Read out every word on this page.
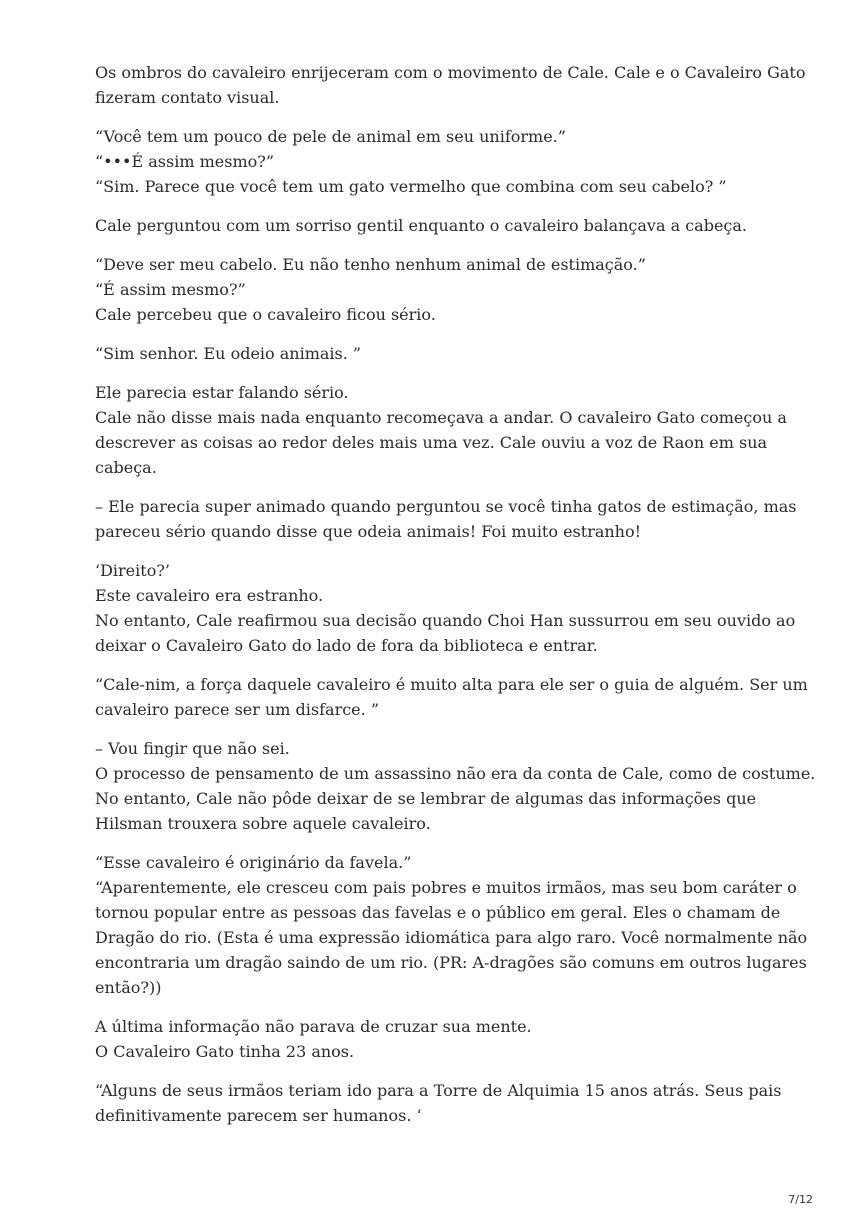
Os ombros do cavaleiro enrijeceram com o movimento de Cale. Cale e o Cavaleiro Gato
fizeram contato visual.

“Você tem um pouco de pele de animal em seu uniforme.”
“•••É assim mesmo?”
“Sim. Parece que você tem um gato vermelho que combina com seu cabelo? ”

Cale perguntou com um sorriso gentil enquanto o cavaleiro balançava a cabeça.

“Deve ser meu cabelo. Eu não tenho nenhum animal de estimação.”
“É assim mesmo?”
Cale percebeu que o cavaleiro ficou sério.

“Sim senhor. Eu odeio animais. ”

Ele parecia estar falando sério.
Cale não disse mais nada enquanto recomeçava a andar. O cavaleiro Gato começou a
descrever as coisas ao redor deles mais uma vez. Cale ouviu a voz de Raon em sua
cabeça.

– Ele parecia super animado quando perguntou se você tinha gatos de estimação, mas
pareceu sério quando disse que odeia animais! Foi muito estranho!

‘Direito?’
Este cavaleiro era estranho.
No entanto, Cale reafirmou sua decisão quando Choi Han sussurrou em seu ouvido ao
deixar o Cavaleiro Gato do lado de fora da biblioteca e entrar.

“Cale-nim, a força daquele cavaleiro é muito alta para ele ser o guia de alguém. Ser um
cavaleiro parece ser um disfarce. ”

– Vou fingir que não sei.
O processo de pensamento de um assassino não era da conta de Cale, como de costume.
No entanto, Cale não pôde deixar de se lembrar de algumas das informações que
Hilsman trouxera sobre aquele cavaleiro.

“Esse cavaleiro é originário da favela.”
“Aparentemente, ele cresceu com pais pobres e muitos irmãos, mas seu bom caráter o
tornou popular entre as pessoas das favelas e o público em geral. Eles o chamam de
Dragão do rio. (Esta é uma expressão idiomática para algo raro. Você normalmente não
encontraria um dragão saindo de um rio. (PR: A-dragões são comuns em outros lugares
então?))

A última informação não parava de cruzar sua mente.
O Cavaleiro Gato tinha 23 anos.

“Alguns de seus irmãos teriam ido para a Torre de Alquimia 15 anos atrás. Seus pais
definitivamente parecem ser humanos. ‘

7/12
